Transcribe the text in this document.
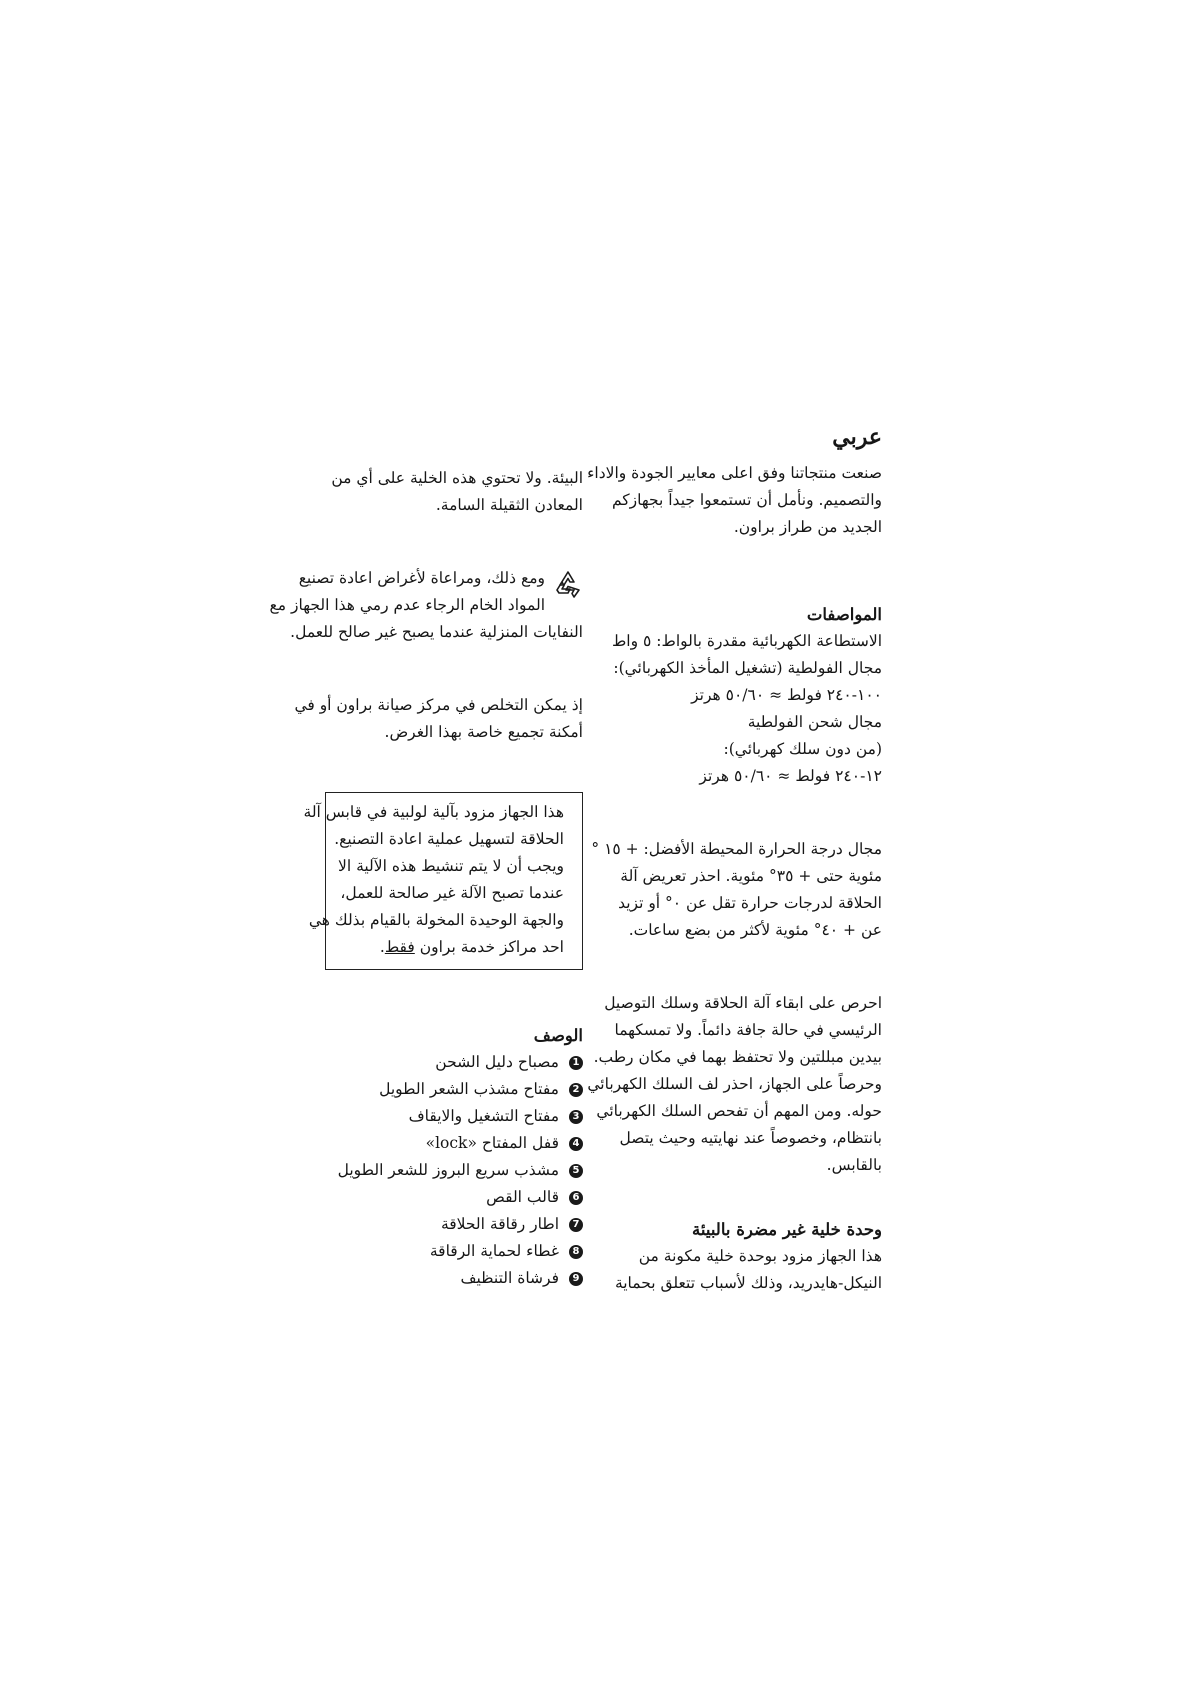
عربي

صنعت منتجاتنا وفق اعلى معايير الجودة والاداء
والتصميم. ونأمل أن تستمعوا جيداً بجهازكم
الجديد من طراز براون.

المواصفات

الاستطاعة الكهربائية مقدرة بالواط: ٥ واط
مجال الفولطية (تشغيل المأخذ الكهربائي):
١٠٠-٢٤٠ فولط ≈ ٥٠/٦٠ هرتز
مجال شحن الفولطية
(من دون سلك كهربائي):
١٢-٢٤٠ فولط ≈ ٥٠/٦٠ هرتز

مجال درجة الحرارة المحيطة الأفضل: + ١٥ °
مئوية حتى + ٣٥° مئوية. احذر تعريض آلة
الحلاقة لدرجات حرارة تقل عن ٠° أو تزيد
عن + ٤٠° مئوية لأكثر من بضع ساعات.

احرص على ابقاء آلة الحلاقة وسلك التوصيل
الرئيسي في حالة جافة دائماً. ولا تمسكهما
بيدين مبللتين ولا تحتفظ بهما في مكان رطب.
وحرصاً على الجهاز، احذر لف السلك الكهربائي
حوله. ومن المهم أن تفحص السلك الكهربائي
بانتظام، وخصوصاً عند نهايتيه وحيث يتصل
بالقابس.

وحدة خلية غير مضرة بالبيئة

هذا الجهاز مزود بوحدة خلية مكونة من
النيكل-هايدريد، وذلك لأسباب تتعلق بحماية

البيئة. ولا تحتوي هذه الخلية على أي من
المعادن الثقيلة السامة.

ومع ذلك، ومراعاة لأغراض اعادة تصنيع
المواد الخام الرجاء عدم رمي هذا الجهاز مع
النفايات المنزلية عندما يصبح غير صالح للعمل.

إذ يمكن التخلص في مركز صيانة براون أو في
أمكنة تجميع خاصة بهذا الغرض.

هذا الجهاز مزود بآلية لولبية في قابس آلة
الحلاقة لتسهيل عملية اعادة التصنيع.
ويجب أن لا يتم تنشيط هذه الآلية الا
عندما تصبح الآلة غير صالحة للعمل،
والجهة الوحيدة المخولة بالقيام بذلك هي
احد مراكز خدمة براون فقط.

الوصف

1
مصباح دليل الشحن
2
مفتاح مشذب الشعر الطويل
3
مفتاح التشغيل والايقاف
4
قفل المفتاح «lock»
5
مشذب سريع البروز للشعر الطويل
6
قالب القص
7
اطار رقاقة الحلاقة
8
غطاء لحماية الرقاقة
9
فرشاة التنظيف
